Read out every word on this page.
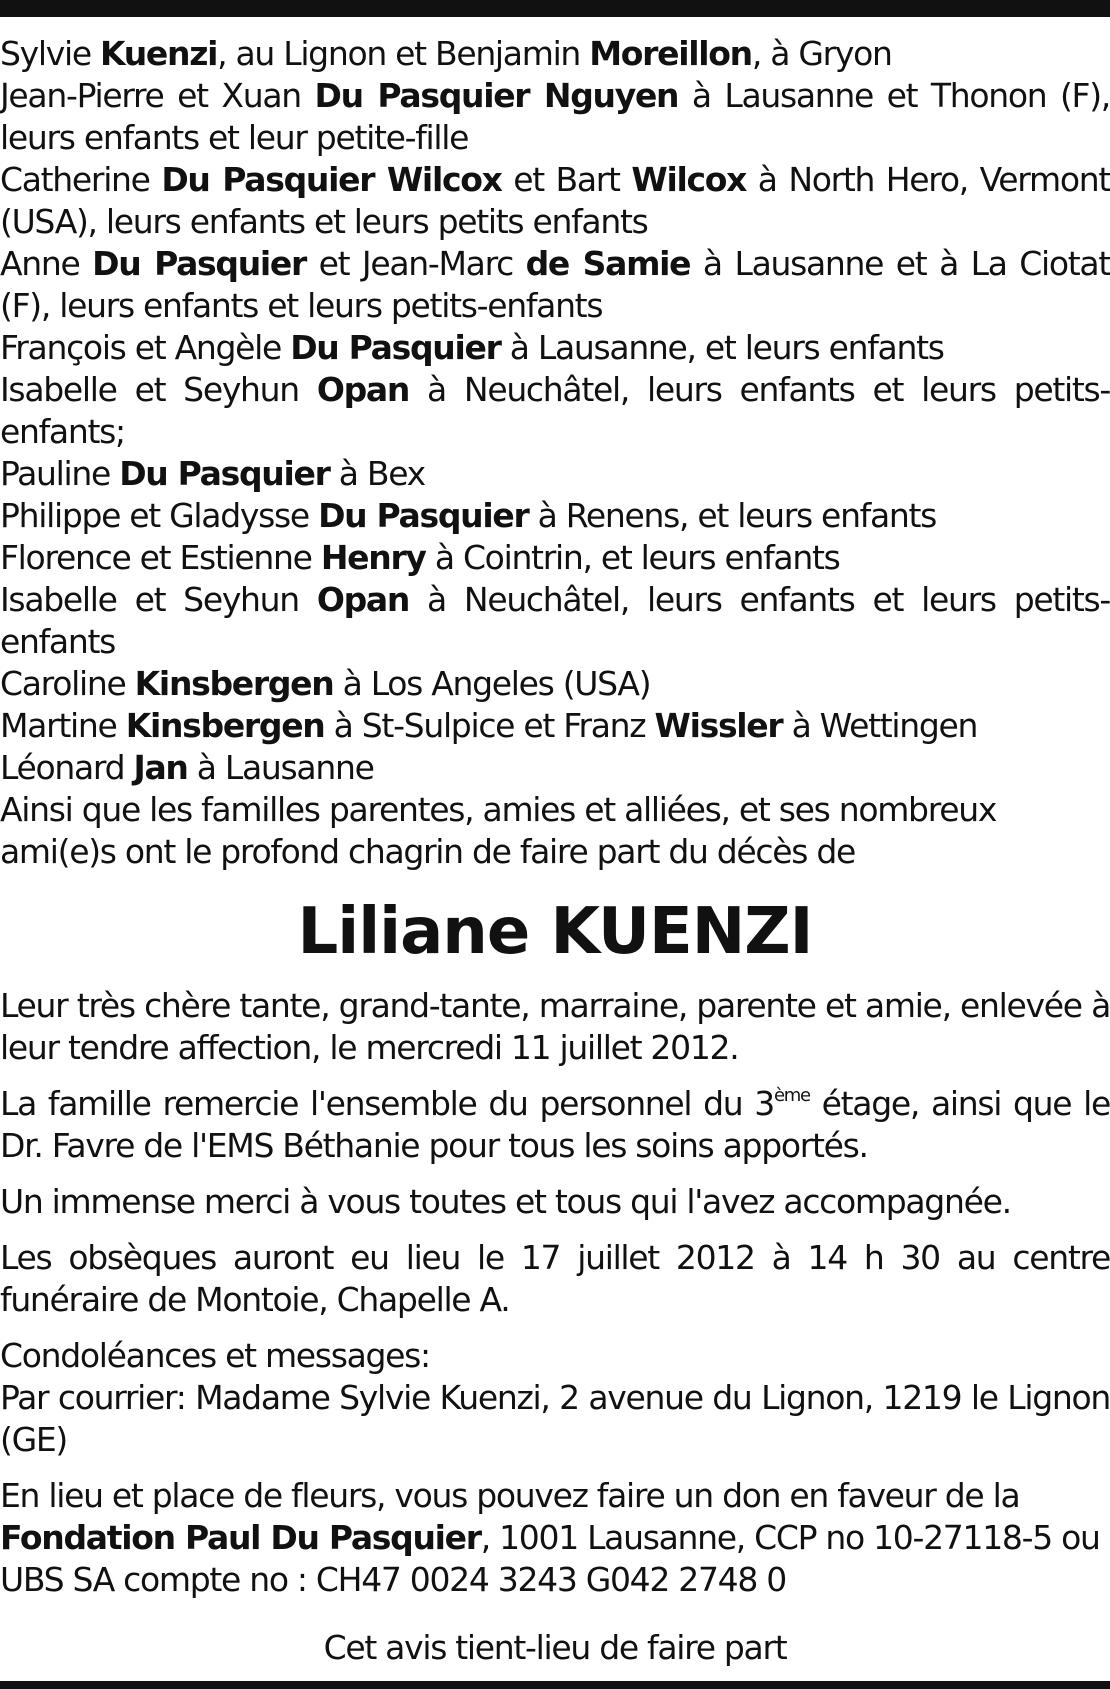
Sylvie Kuenzi, au Lignon et Benjamin Moreillon, à Gryon
Jean-Pierre et Xuan Du Pasquier Nguyen à Lausanne et Thonon (F), leurs enfants et leur petite-fille
Catherine Du Pasquier Wilcox et Bart Wilcox à North Hero, Vermont (USA), leurs enfants et leurs petits enfants
Anne Du Pasquier et Jean-Marc de Samie à Lausanne et à La Ciotat (F), leurs enfants et leurs petits-enfants
François et Angèle Du Pasquier à Lausanne, et leurs enfants
Isabelle et Seyhun Opan à Neuchâtel, leurs enfants et leurs petits-enfants;
Pauline Du Pasquier à Bex
Philippe et Gladysse Du Pasquier à Renens, et leurs enfants
Florence et Estienne Henry à Cointrin, et leurs enfants
Isabelle et Seyhun Opan à Neuchâtel, leurs enfants et leurs petits-enfants
Caroline Kinsbergen à Los Angeles (USA)
Martine Kinsbergen à St-Sulpice et Franz Wissler à Wettingen
Léonard Jan à Lausanne
Ainsi que les familles parentes, amies et alliées, et ses nombreux ami(e)s ont le profond chagrin de faire part du décès de
Liliane KUENZI
Leur très chère tante, grand-tante, marraine, parente et amie, enlevée à leur tendre affection, le mercredi 11 juillet 2012.
La famille remercie l'ensemble du personnel du 3ème étage, ainsi que le Dr. Favre de l'EMS Béthanie pour tous les soins apportés.
Un immense merci à vous toutes et tous qui l'avez accompagnée.
Les obsèques auront eu lieu le 17 juillet 2012 à 14 h 30 au centre funéraire de Montoie, Chapelle A.
Condoléances et messages:
Par courrier: Madame Sylvie Kuenzi, 2 avenue du Lignon, 1219 le Lignon (GE)
En lieu et place de fleurs, vous pouvez faire un don en faveur de la
Fondation Paul Du Pasquier, 1001 Lausanne, CCP no 10-27118-5 ou
UBS SA compte no : CH47 0024 3243 G042 2748 0
Cet avis tient-lieu de faire part
